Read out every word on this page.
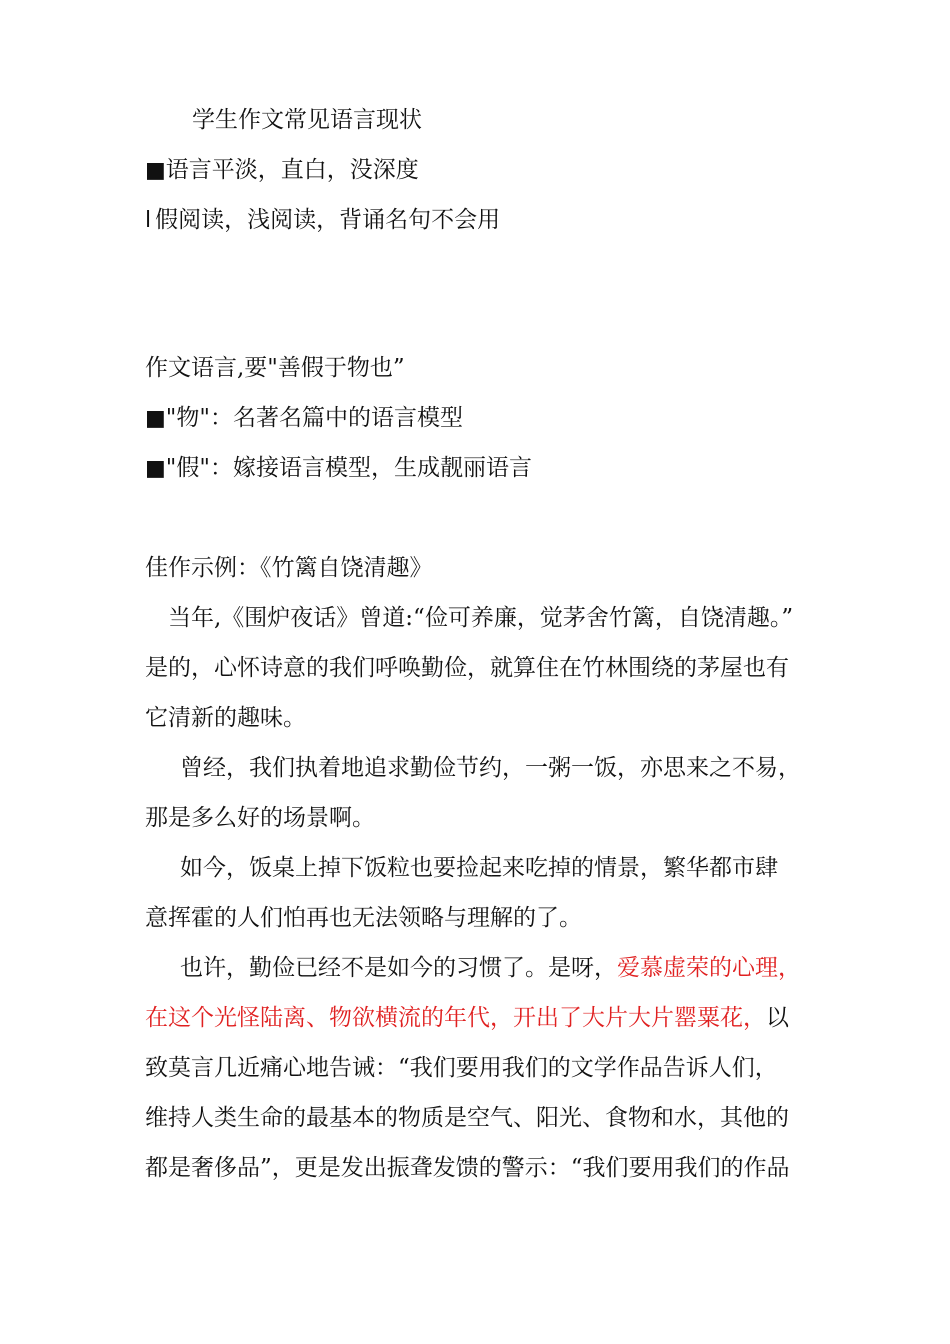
学生作文常见语言现状
■语言平淡，直白，没深度
l 假阅读，浅阅读，背诵名句不会用
作文语言,要"善假于物也”
■"物"：名著名篇中的语言模型
■"假"：嫁接语言模型，生成靓丽语言
佳作示例：《竹篱自饶清趣》
当年,《围炉夜话》曾道:“俭可养廉，觉茅舍竹篱，自饶清趣。”
是的，心怀诗意的我们呼唤勤俭，就算住在竹林围绕的茅屋也有
它清新的趣味。
曾经，我们执着地追求勤俭节约，一粥一饭，亦思来之不易，
那是多么好的场景啊。
如今，饭桌上掉下饭粒也要捡起来吃掉的情景，繁华都市肆
意挥霍的人们怕再也无法领略与理解的了。
也许，勤俭已经不是如今的习惯了。是呀，爱慕虚荣的心理，
在这个光怪陆离、物欲横流的年代，开出了大片大片罂粟花，以
致莫言几近痛心地告诫：“我们要用我们的文学作品告诉人们，
维持人类生命的最基本的物质是空气、阳光、食物和水，其他的
都是奢侈品”，更是发出振聋发馈的警示：“我们要用我们的作品
